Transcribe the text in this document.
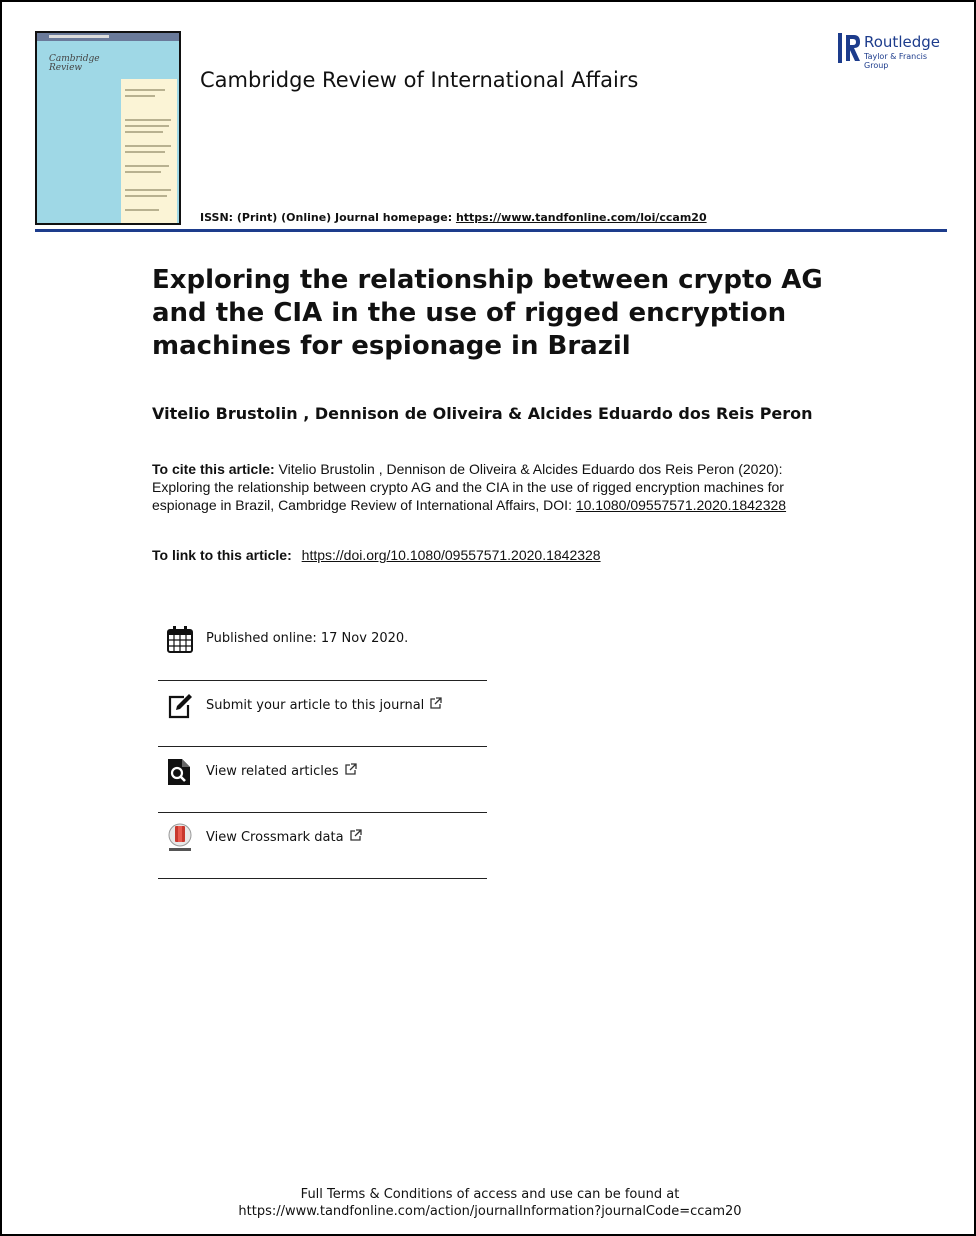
Cambridge
Review	Cambridge Review of International Affairs
Routledge
Taylor & Francis Group
ISSN: (Print) (Online) Journal homepage: https://www.tandfonline.com/loi/ccam20
Exploring the relationship between crypto AG and the CIA in the use of rigged encryption machines for espionage in Brazil
Vitelio Brustolin , Dennison de Oliveira & Alcides Eduardo dos Reis Peron
To cite this article: Vitelio Brustolin , Dennison de Oliveira & Alcides Eduardo dos Reis Peron (2020): Exploring the relationship between crypto AG and the CIA in the use of rigged encryption machines for espionage in Brazil, Cambridge Review of International Affairs, DOI: 10.1080/09557571.2020.1842328
To link to this article: https://doi.org/10.1080/09557571.2020.1842328
Published online: 17 Nov 2020.
Submit your article to this journal
View related articles
View Crossmark data
Full Terms & Conditions of access and use can be found at
https://www.tandfonline.com/action/journalInformation?journalCode=ccam20
